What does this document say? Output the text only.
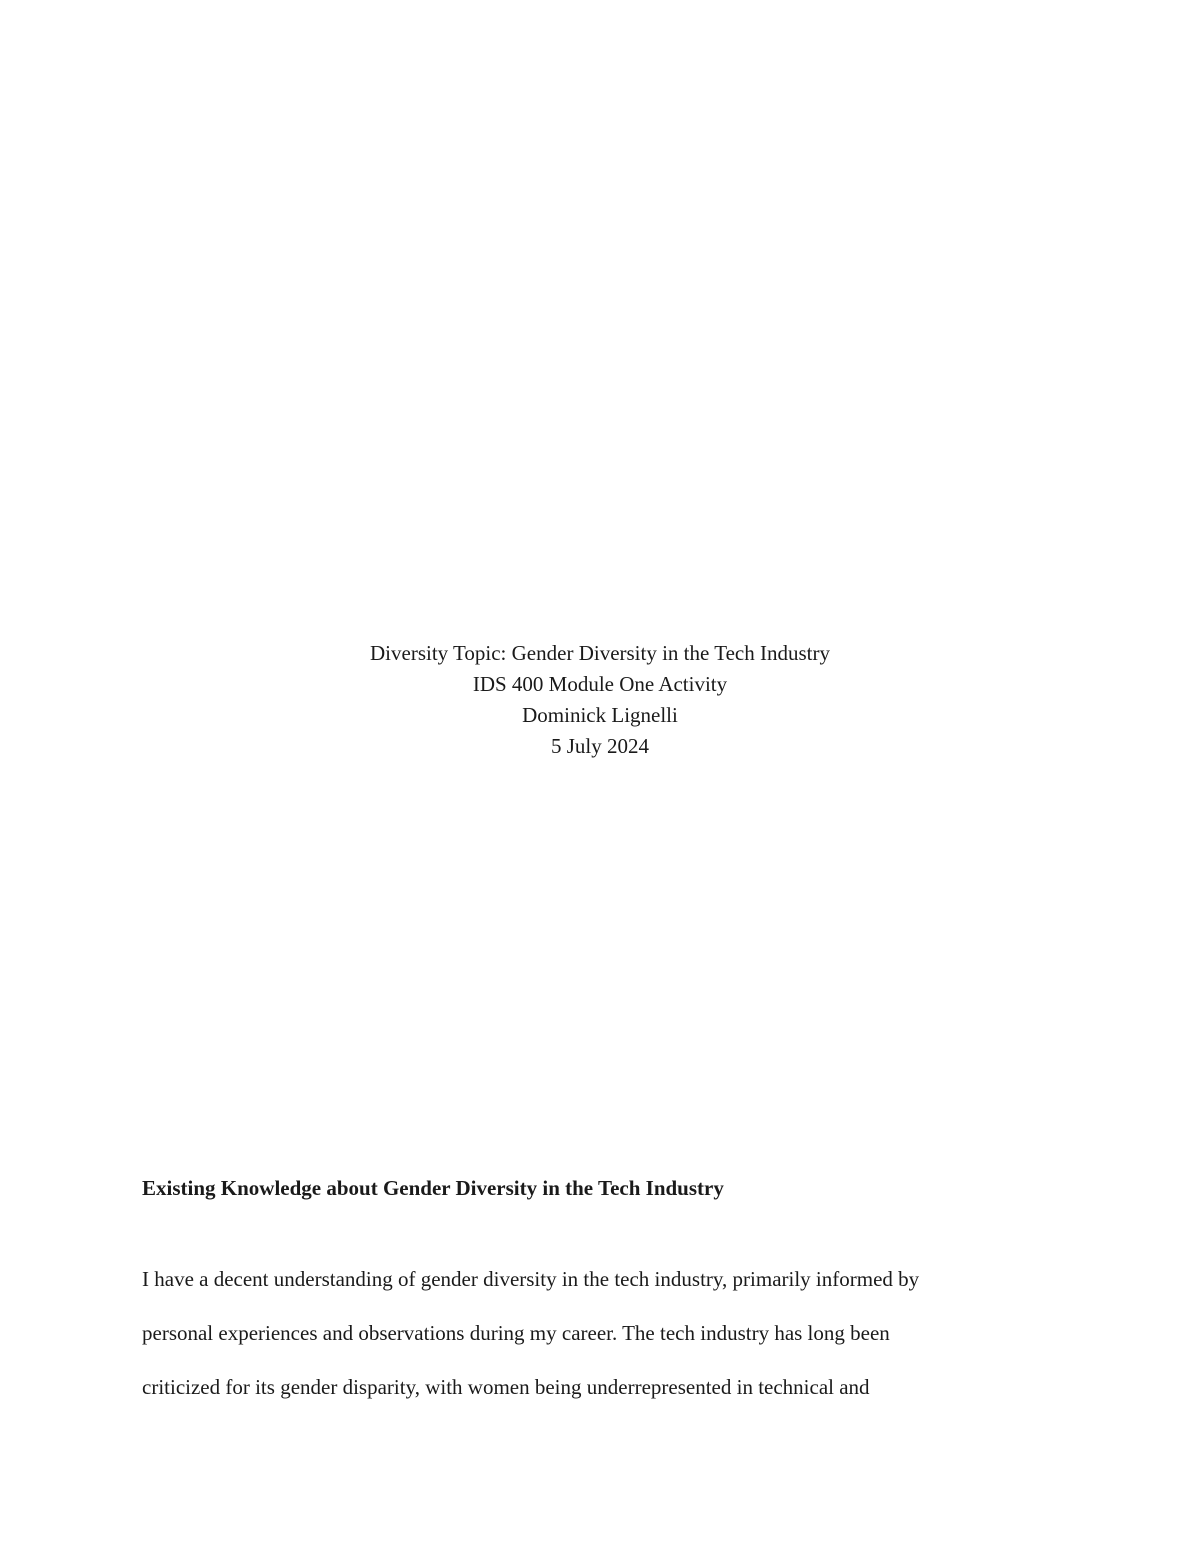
Diversity Topic: Gender Diversity in the Tech Industry
IDS 400 Module One Activity
Dominick Lignelli
5 July 2024
Existing Knowledge about Gender Diversity in the Tech Industry
I have a decent understanding of gender diversity in the tech industry, primarily informed by
personal experiences and observations during my career. The tech industry has long been
criticized for its gender disparity, with women being underrepresented in technical and
